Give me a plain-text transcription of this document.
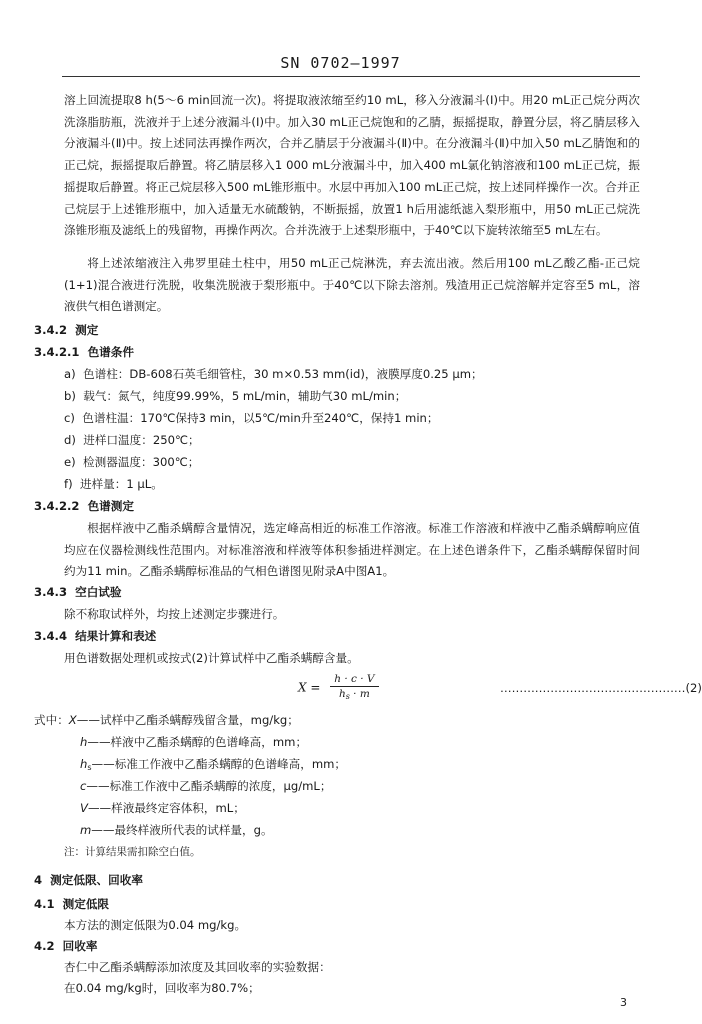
SN 0702—1997
溶上回流提取8 h(5～6 min回流一次)。将提取液浓缩至约10 mL，移入分液漏斗(Ⅰ)中。用20 mL正己烷分两次洗涤脂肪瓶，洗液并于上述分液漏斗(Ⅰ)中。加入30 mL正己烷饱和的乙腈，振摇提取，静置分层，将乙腈层移入分液漏斗(Ⅱ)中。按上述同法再操作两次，合并乙腈层于分液漏斗(Ⅱ)中。在分液漏斗(Ⅱ)中加入50 mL乙腈饱和的正己烷，振摇提取后静置。将乙腈层移入1 000 mL分液漏斗中，加入400 mL氯化钠溶液和100 mL正己烷，振摇提取后静置。将正己烷层移入500 mL锥形瓶中。水层中再加入100 mL正己烷，按上述同样操作一次。合并正己烷层于上述锥形瓶中，加入适量无水硫酸钠，不断振摇，放置1 h后用滤纸滤入梨形瓶中，用50 mL正己烷洗涤锥形瓶及滤纸上的残留物，再操作两次。合并洗液于上述梨形瓶中，于40℃以下旋转浓缩至5 mL左右。
将上述浓缩液注入弗罗里硅土柱中，用50 mL正己烷淋洗，弃去流出液。然后用100 mL乙酸乙酯-正己烷(1+1)混合液进行洗脱，收集洗脱液于梨形瓶中。于40℃以下除去溶剂。残渣用正己烷溶解并定容至5 mL，溶液供气相色谱测定。
3.4.2 测定
3.4.2.1 色谱条件
a) 色谱柱：DB-608石英毛细管柱，30 m×0.53 mm(id)，液膜厚度0.25 μm；
b) 载气：氮气，纯度99.99%，5 mL/min，辅助气30 mL/min；
c) 色谱柱温：170℃保持3 min，以5℃/min升至240℃，保持1 min；
d) 进样口温度：250℃；
e) 检测器温度：300℃；
f) 进样量：1 μL。
3.4.2.2 色谱测定
根据样液中乙酯杀螨醇含量情况，选定峰高相近的标准工作溶液。标准工作溶液和样液中乙酯杀螨醇响应值均应在仪器检测线性范围内。对标准溶液和样液等体积参插进样测定。在上述色谱条件下，乙酯杀螨醇保留时间约为11 min。乙酯杀螨醇标准品的气相色谱图见附录A中图A1。
3.4.3 空白试验
除不称取试样外，均按上述测定步骤进行。
3.4.4 结果计算和表述
用色谱数据处理机或按式(2)计算试样中乙酯杀螨醇含量。
$X = \frac{h \cdot c \cdot V}{h_s \cdot m}$	…………………………………………(2)
式中：X——试样中乙酯杀螨醇残留含量，mg/kg；
h——样液中乙酯杀螨醇的色谱峰高，mm；
$h_s——$标准工作液中乙酯杀螨醇的色谱峰高，mm；
c——标准工作液中乙酯杀螨醇的浓度，μg/mL；
V——样液最终定容体积，mL；
m——最终样液所代表的试样量，g。
注：计算结果需扣除空白值。
4 测定低限、回收率
4.1 测定低限
本方法的测定低限为0.04 mg/kg。
4.2 回收率
杏仁中乙酯杀螨醇添加浓度及其回收率的实验数据：
在0.04 mg/kg时，回收率为80.7%；
3
